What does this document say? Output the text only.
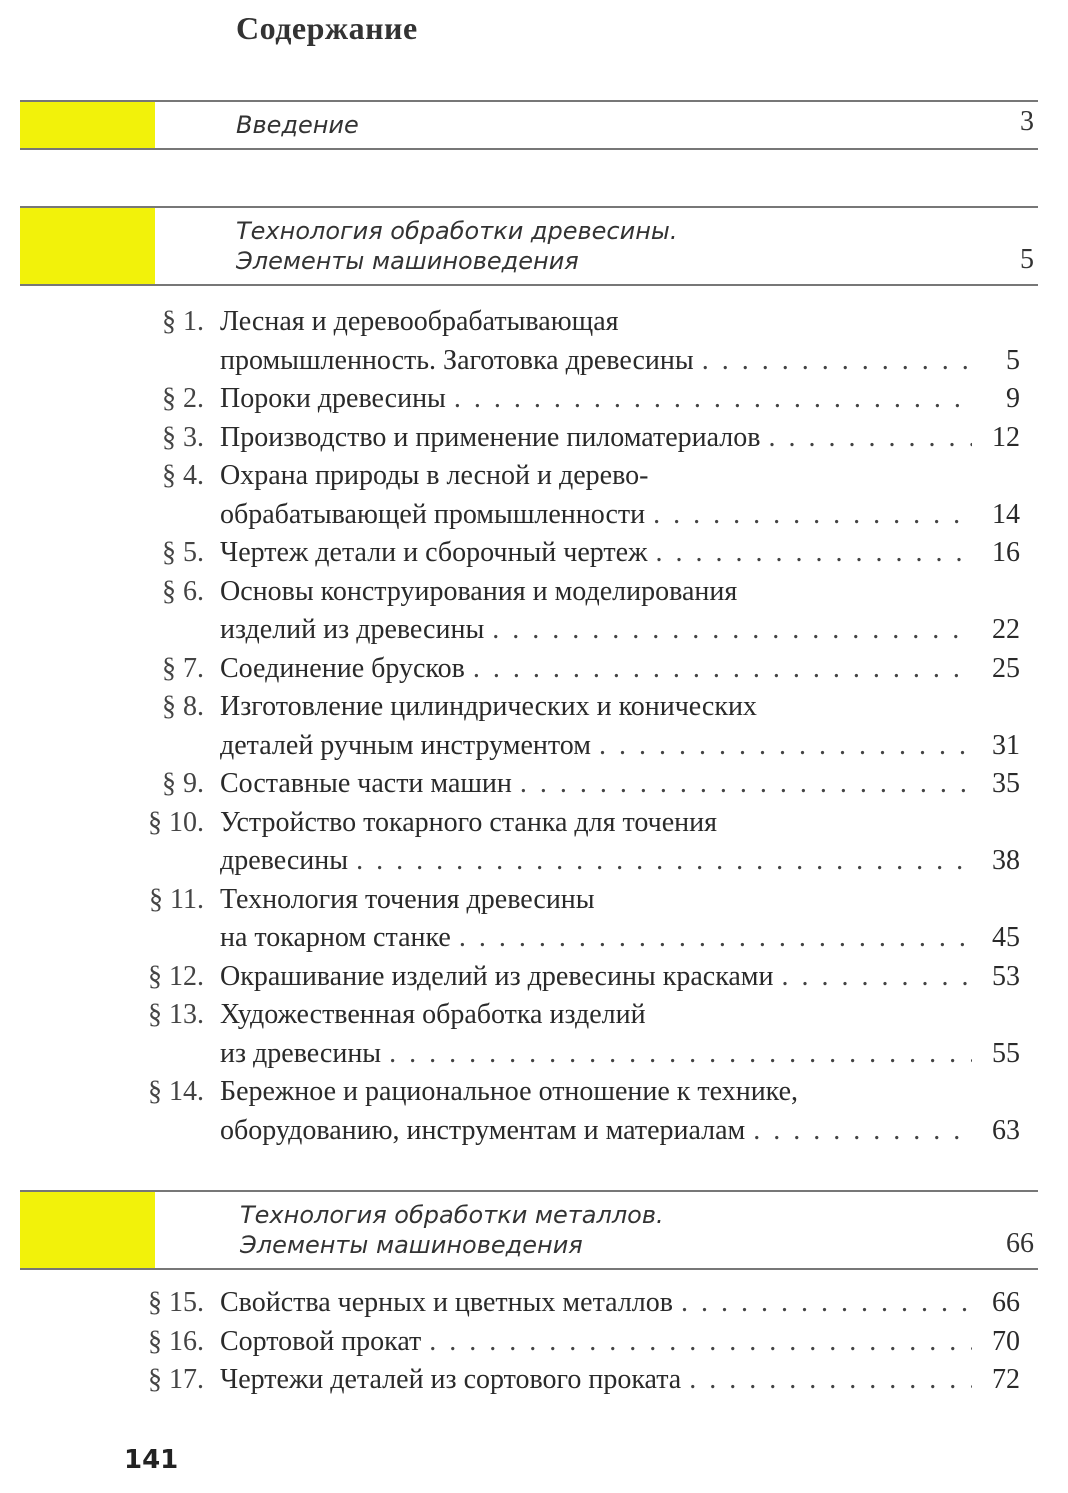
Содержание
Введение	3
Технология обработки древесины.
Элементы машиноведения	5
§ 1. Лесная и деревообрабатывающая
промышленность. Заготовка древесины . . .	5
§ 2. Пороки древесины . . .	9
§ 3. Производство и применение пиломатериалов . . .	12
§ 4. Охрана природы в лесной и дерево-
обрабатывающей промышленности . . .	14
§ 5. Чертеж детали и сборочный чертеж . . .	16
§ 6. Основы конструирования и моделирования
изделий из древесины . . .	22
§ 7. Соединение брусков . . .	25
§ 8. Изготовление цилиндрических и конических
деталей ручным инструментом . . .	31
§ 9. Составные части машин . . .	35
§ 10. Устройство токарного станка для точения
древесины . . .	38
§ 11. Технология точения древесины
на токарном станке . . .	45
§ 12. Окрашивание изделий из древесины красками . . .	53
§ 13. Художественная обработка изделий
из древесины . . .	55
§ 14. Бережное и рациональное отношение к технике,
оборудованию, инструментам и материалам . . .	63
Технология обработки металлов.
Элементы машиноведения	66
§ 15. Свойства черных и цветных металлов . . .	66
§ 16. Сортовой прокат . . .	70
§ 17. Чертежи деталей из сортового проката . . .	72
141
